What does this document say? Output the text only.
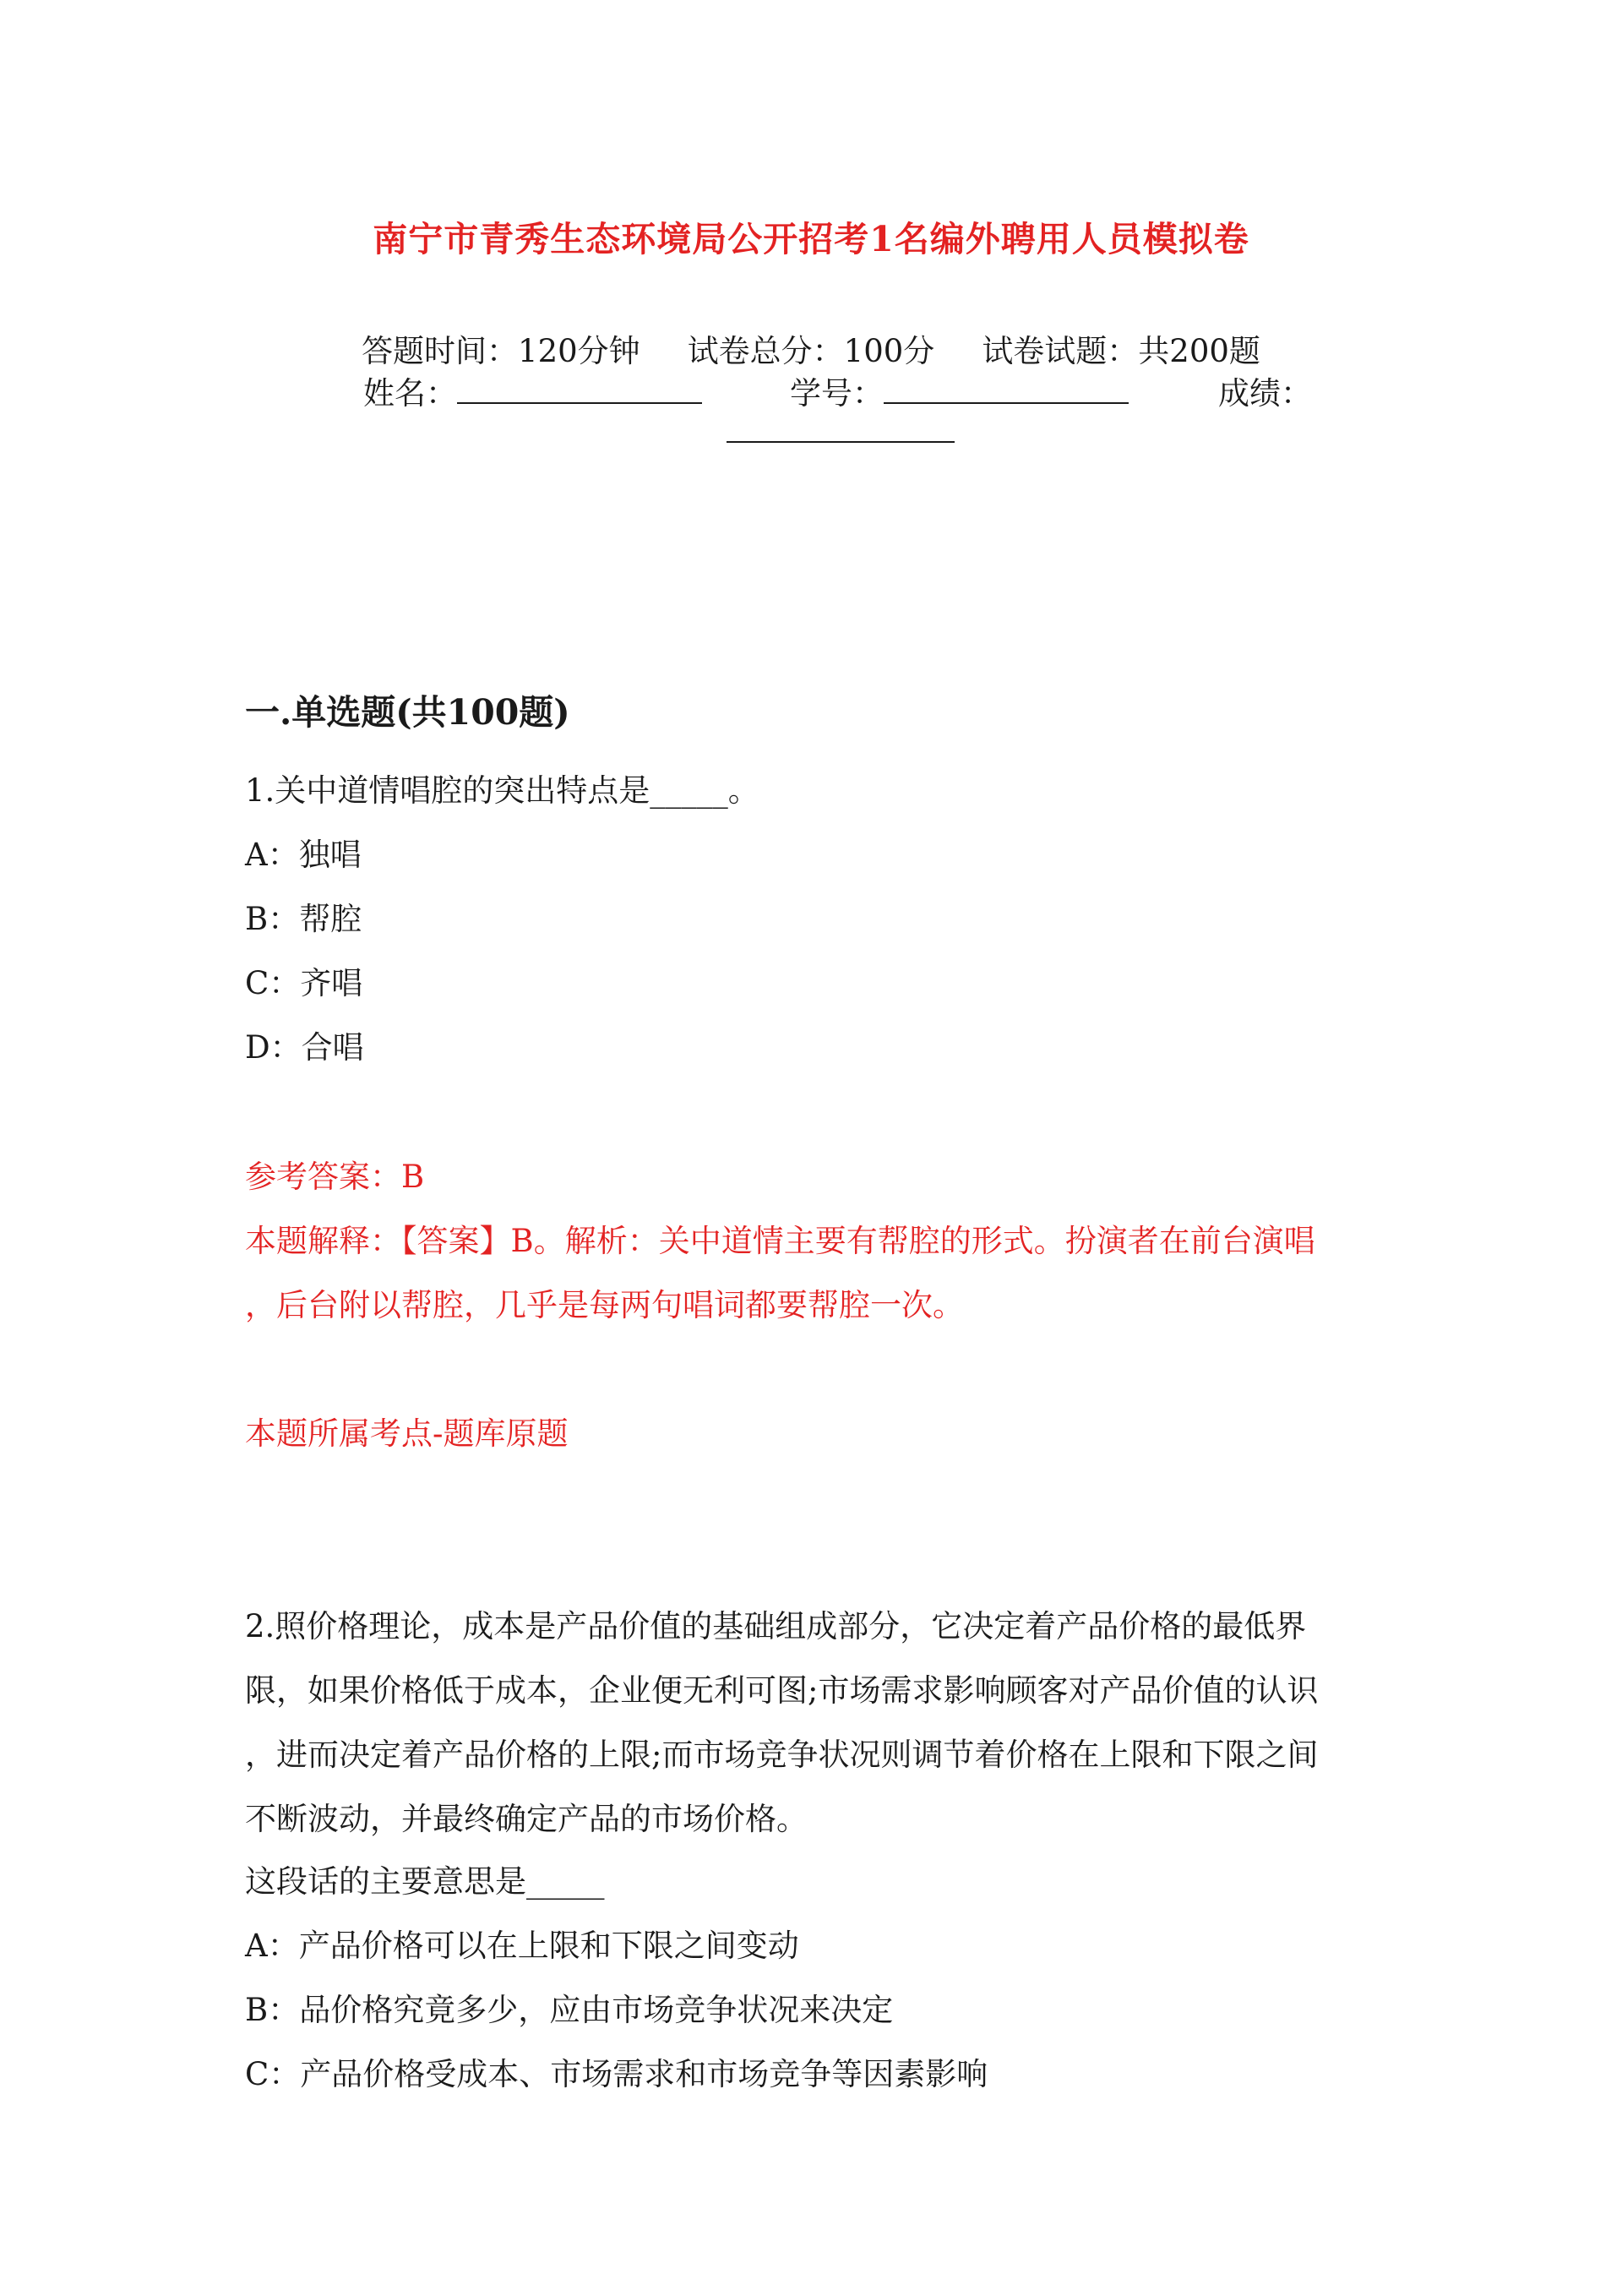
南宁市青秀生态环境局公开招考1名编外聘用人员模拟卷
答题时间：120分钟 试卷总分：100分 试卷试题：共200题
姓名：	学号：	成绩：
一.单选题(共100题)
1.关中道情唱腔的突出特点是_____。
A：独唱
B：帮腔
C：齐唱
D：合唱
参考答案：B
本题解释：【答案】B。解析：关中道情主要有帮腔的形式。扮演者在前台演唱
，后台附以帮腔，几乎是每两句唱词都要帮腔一次。
本题所属考点-题库原题
2.照价格理论，成本是产品价值的基础组成部分，它决定着产品价格的最低界
限，如果价格低于成本，企业便无利可图;市场需求影响顾客对产品价值的认识
，进而决定着产品价格的上限;而市场竞争状况则调节着价格在上限和下限之间
不断波动，并最终确定产品的市场价格。
这段话的主要意思是_____
A：产品价格可以在上限和下限之间变动
B：品价格究竟多少，应由市场竞争状况来决定
C：产品价格受成本、市场需求和市场竞争等因素影响
